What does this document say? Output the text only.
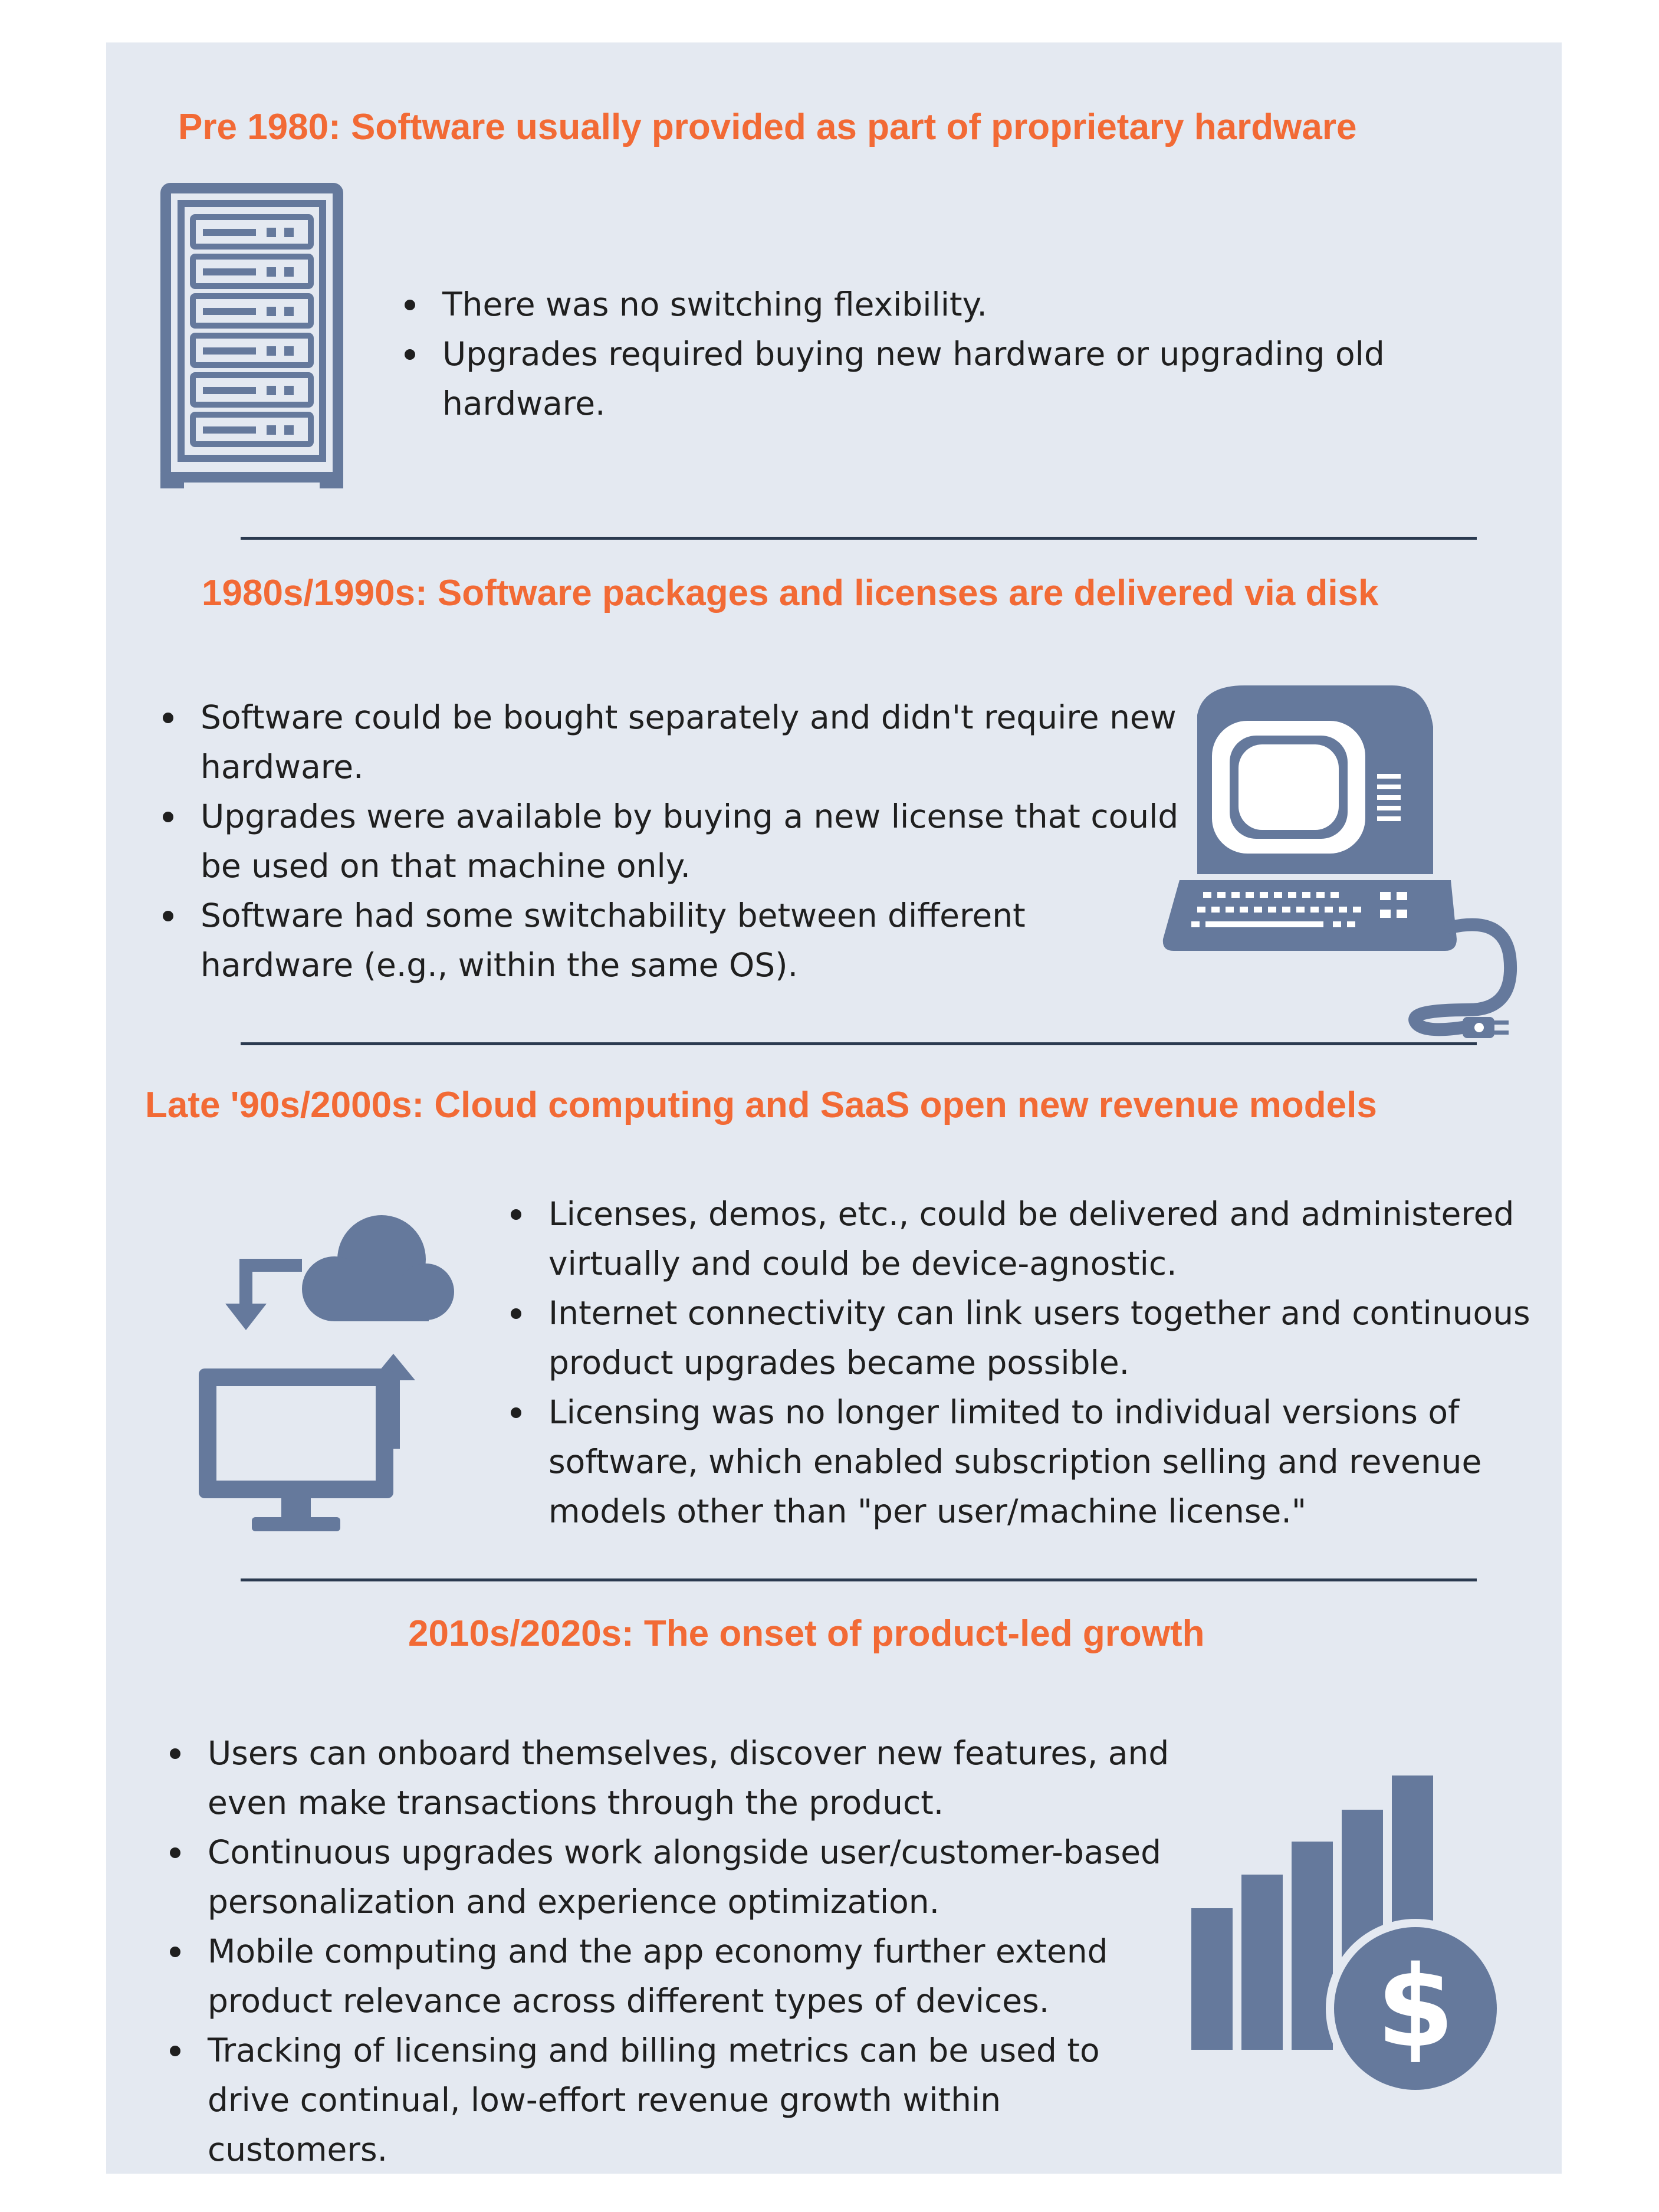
Pre 1980: Software usually provided as part of proprietary hardware
There was no switching flexibility.
Upgrades required buying new hardware or upgrading old hardware.
1980s/1990s: Software packages and licenses are delivered via disk
Software could be bought separately and didn't require new hardware.
Upgrades were available by buying a new license that could be used on that machine only.
Software had some switchability between different hardware (e.g., within the same OS).
Late '90s/2000s: Cloud computing and SaaS open new revenue models
Licenses, demos, etc., could be delivered and administered virtually and could be device-agnostic.
Internet connectivity can link users together and continuous product upgrades became possible.
Licensing was no longer limited to individual versions of software, which enabled subscription selling and revenue models other than "per user/machine license."
2010s/2020s: The onset of product-led growth
Users can onboard themselves, discover new features, and even make transactions through the product.
Continuous upgrades work alongside user/customer-based personalization and experience optimization.
Mobile computing and the app economy further extend product relevance across different types of devices.
Tracking of licensing and billing metrics can be used to drive continual, low-effort revenue growth within customers.
$
